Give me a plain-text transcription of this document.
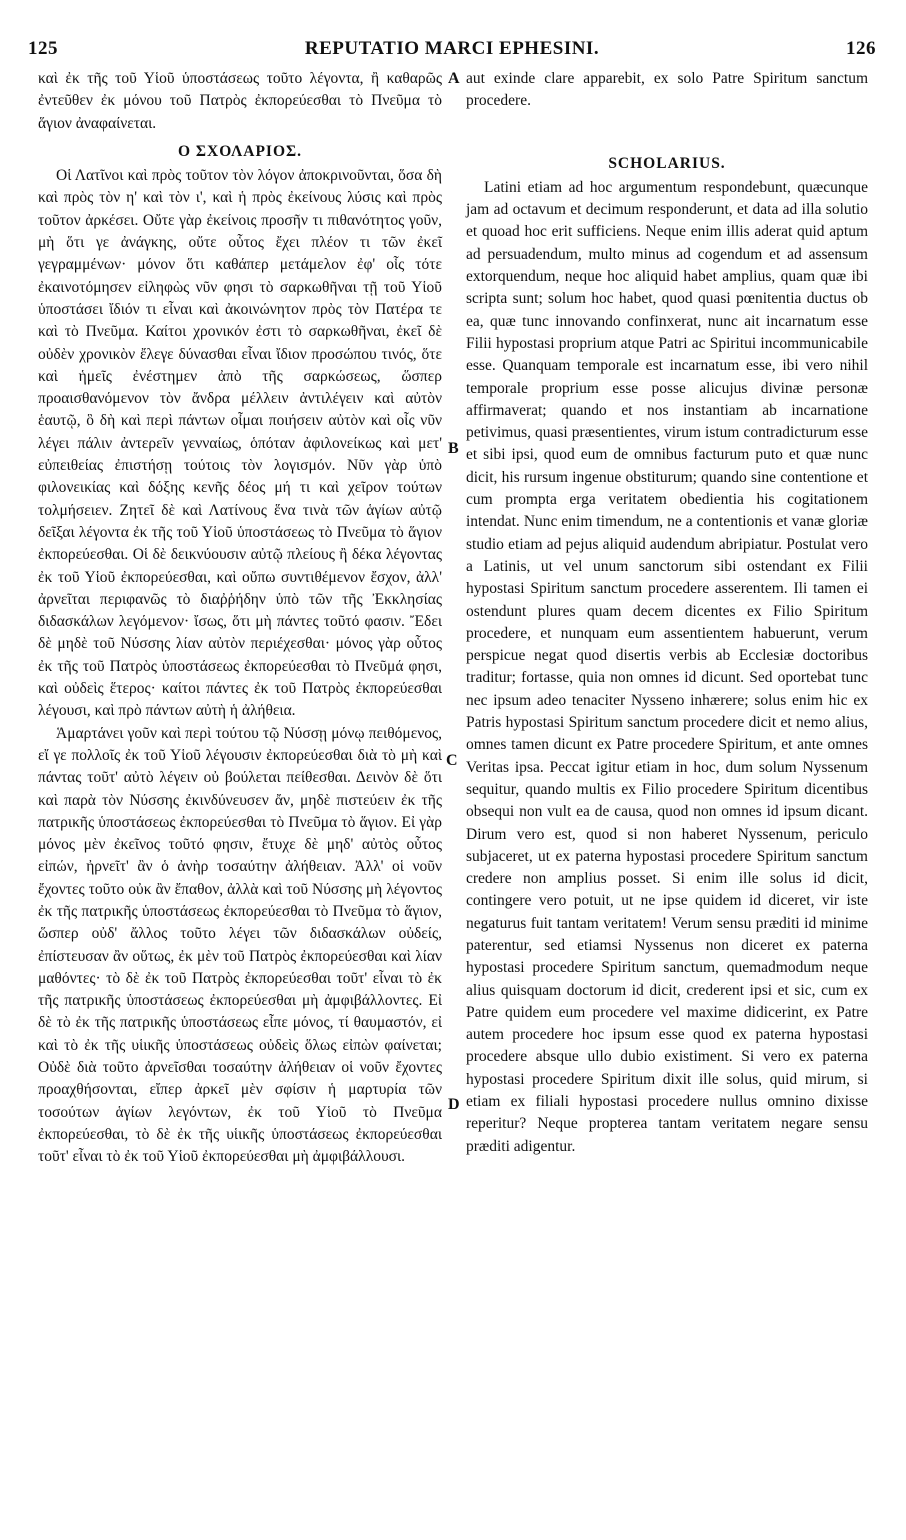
125	REPUTATIO MARCI EPHESINI.	126

καὶ ἐκ τῆς τοῦ Υἱοῦ ὑποστάσεως τοῦτο λέγοντα, ἢ καθαρῶς ἐντεῦθεν ἐκ μόνου τοῦ Πατρὸς ἐκπορεύεσθαι τὸ Πνεῦμα τὸ ἅγιον ἀναφαίνεται.

Ο ΣΧΟΛΑΡΙΟΣ.

Οἱ Λατῖνοι καὶ πρὸς τοῦτον τὸν λόγον ἀποκρινοῦνται, ὅσα δὴ καὶ πρὸς τὸν η' καὶ τὸν ι', καὶ ἡ πρὸς ἐκείνους λύσις καὶ πρὸς τοῦτον ἀρκέσει. Οὔτε γὰρ ἐκείνοις προσῆν τι πιθανότητος γοῦν, μὴ ὅτι γε ἀνάγκης, οὔτε οὗτος ἔχει πλέον τι τῶν ἐκεῖ γεγραμμένων· μόνον ὅτι καθάπερ μετάμελον ἐφ' οἷς τότε ἐκαινοτόμησεν εἰληφὼς νῦν φησι τὸ σαρκωθῆναι τῇ τοῦ Υἱοῦ ὑποστάσει ἴδιόν τι εἶναι καὶ ἀκοινώνητον πρὸς τὸν Πατέρα τε καὶ τὸ Πνεῦμα. Καίτοι χρονικόν ἐστι τὸ σαρκωθῆναι, ἐκεῖ δὲ οὐδὲν χρονικὸν ἔλεγε δύνασθαι εἶναι ἴδιον προσώπου τινός, ὅτε καὶ ἡμεῖς ἐνέστημεν ἀπὸ τῆς σαρκώσεως, ὥσπερ προαισθανόμενον τὸν ἄνδρα μέλλειν ἀντιλέγειν καὶ αὐτὸν ἑαυτῷ, ὃ δὴ καὶ περὶ πάντων οἶμαι ποιήσειν αὐτὸν καὶ οἷς νῦν λέγει πάλιν ἀντερεῖν γενναίως, ὁπόταν ἀφιλονείκως καὶ μετ' εὐπειθείας ἐπιστήσῃ τούτοις τὸν λογισμόν. Νῦν γὰρ ὑπὸ φιλονεικίας καὶ δόξης κενῆς δέος μή τι καὶ χεῖρον τούτων τολμήσειεν. Ζητεῖ δὲ καὶ Λατίνους ἕνα τινὰ τῶν ἁγίων αὐτῷ δεῖξαι λέγοντα ἐκ τῆς τοῦ Υἱοῦ ὑποστάσεως τὸ Πνεῦμα τὸ ἅγιον ἐκπορεύεσθαι. Οἱ δὲ δεικνύουσιν αὐτῷ πλείους ἢ δέκα λέγοντας ἐκ τοῦ Υἱοῦ ἐκπορεύεσθαι, καὶ οὔπω συντιθέμενον ἔσχον, ἀλλ' ἀρνεῖται περιφανῶς τὸ διαῤῥήδην ὑπὸ τῶν τῆς Ἐκκλησίας διδασκάλων λεγόμενον· ἴσως, ὅτι μὴ πάντες τοῦτό φασιν. Ἔδει δὲ μηδὲ τοῦ Νύσσης λίαν αὐτὸν περιέχεσθαι· μόνος γὰρ οὗτος ἐκ τῆς τοῦ Πατρὸς ὑποστάσεως ἐκπορεύεσθαι τὸ Πνεῦμά φησι, καὶ οὐδεὶς ἕτερος· καίτοι πάντες ἐκ τοῦ Πατρὸς ἐκπορεύεσθαι λέγουσι, καὶ πρὸ πάντων αὐτὴ ἡ ἀλήθεια.

Ἁμαρτάνει γοῦν καὶ περὶ τούτου τῷ Νύσσῃ μόνῳ πειθόμενος, εἴ γε πολλοῖς ἐκ τοῦ Υἱοῦ λέγουσιν ἐκπορεύεσθαι διὰ τὸ μὴ καὶ πάντας τοῦτ' αὐτὸ λέγειν οὐ βούλεται πείθεσθαι. Δεινὸν δὲ ὅτι καὶ παρὰ τὸν Νύσσης ἐκινδύνευσεν ἄν, μηδὲ πιστεύειν ἐκ τῆς πατρικῆς ὑποστάσεως ἐκπορεύεσθαι τὸ Πνεῦμα τὸ ἅγιον. Εἰ γὰρ μόνος μὲν ἐκεῖνος τοῦτό φησιν, ἔτυχε δὲ μηδ' αὐτὸς οὗτος εἰπών, ἠρνεῖτ' ἂν ὁ ἀνὴρ τοσαύτην ἀλήθειαν. Ἀλλ' οἱ νοῦν ἔχοντες τοῦτο οὐκ ἂν ἔπαθον, ἀλλὰ καὶ τοῦ Νύσσης μὴ λέγοντος ἐκ τῆς πατρικῆς ὑποστάσεως ἐκπορεύεσθαι τὸ Πνεῦμα τὸ ἅγιον, ὥσπερ οὐδ' ἄλλος τοῦτο λέγει τῶν διδασκάλων οὐδείς, ἐπίστευσαν ἂν οὕτως, ἐκ μὲν τοῦ Πατρὸς ἐκπορεύεσθαι καὶ λίαν μαθόντες· τὸ δὲ ἐκ τοῦ Πατρὸς ἐκπορεύεσθαι τοῦτ' εἶναι τὸ ἐκ τῆς πατρικῆς ὑποστάσεως ἐκπορεύεσθαι μὴ ἀμφιβάλλοντες. Εἰ δὲ τὸ ἐκ τῆς πατρικῆς ὑποστάσεως εἶπε μόνος, τί θαυμαστόν, εἰ καὶ τὸ ἐκ τῆς υἱικῆς ὑποστάσεως οὐδεὶς ὅλως εἰπὼν φαίνεται; Οὐδὲ διὰ τοῦτο ἀρνεῖσθαι τοσαύτην ἀλήθειαν οἱ νοῦν ἔχοντες προαχθήσονται, εἴπερ ἀρκεῖ μὲν σφίσιν ἡ μαρτυρία τῶν τοσούτων ἁγίων λεγόντων, ἐκ τοῦ Υἱοῦ τὸ Πνεῦμα ἐκπορεύεσθαι, τὸ δὲ ἐκ τῆς υἱικῆς ὑποστάσεως ἐκπορεύεσθαι τοῦτ' εἶναι τὸ ἐκ τοῦ Υἱοῦ ἐκπορεύεσθαι μὴ ἀμφιβάλλουσι.

aut exinde clare apparebit, ex solo Patre Spiritum sanctum procedere.

SCHOLARIUS.

Latini etiam ad hoc argumentum respondebunt, quæcunque jam ad octavum et decimum responderunt, et data ad illa solutio et quoad hoc erit sufficiens. Neque enim illis aderat quid aptum ad persuadendum, multo minus ad cogendum et ad assensum extorquendum, neque hoc aliquid habet amplius, quam quæ ibi scripta sunt; solum hoc habet, quod quasi pœnitentia ductus ob ea, quæ tunc innovando confinxerat, nunc ait incarnatum esse Filii hypostasi proprium atque Patri ac Spiritui incommunicabile esse. Quanquam temporale est incarnatum esse, ibi vero nihil temporale proprium esse posse alicujus divinæ personæ affirmaverat; quando et nos instantiam ab incarnatione petivimus, quasi præsentientes, virum istum contradicturum esse et sibi ipsi, quod eum de omnibus facturum puto et quæ nunc dicit, his rursum ingenue obstiturum; quando sine contentione et cum prompta erga veritatem obedientia his cogitationem intendat. Nunc enim timendum, ne a contentionis et vanæ gloriæ studio etiam ad pejus aliquid audendum abripiatur. Postulat vero a Latinis, ut vel unum sanctorum sibi ostendant ex Filii hypostasi Spiritum sanctum procedere asserentem. Ili tamen ei ostendunt plures quam decem dicentes ex Filio Spiritum procedere, et nunquam eum assentientem habuerunt, verum perspicue negat quod disertis verbis ab Ecclesiæ doctoribus traditur; fortasse, quia non omnes id dicunt. Sed oportebat tunc nec ipsum adeo tenaciter Nysseno inhærere; solus enim hic ex Patris hypostasi Spiritum sanctum procedere dicit et nemo alius, omnes tamen dicunt ex Patre procedere Spiritum, et ante omnes Veritas ipsa. Peccat igitur etiam in hoc, dum solum Nyssenum sequitur, quando multis ex Filio procedere Spiritum dicentibus obsequi non vult ea de causa, quod non omnes id ipsum dicant. Dirum vero est, quod si non haberet Nyssenum, periculo subjaceret, ut ex paterna hypostasi procedere Spiritum sanctum credere non amplius posset. Si enim ille solus id dicit, contingere vero potuit, ut ne ipse quidem id diceret, vir iste negaturus fuit tantam veritatem! Verum sensu præditi id minime paterentur, sed etiamsi Nyssenus non diceret ex paterna hypostasi procedere Spiritum sanctum, quemadmodum neque alius quisquam doctorum id dicit, crederent ipsi et sic, cum ex Patre quidem eum procedere vel maxime didicerint, ex Patre autem procedere hoc ipsum esse quod ex paterna hypostasi procedere absque ullo dubio existiment. Si vero ex paterna hypostasi procedere Spiritum dixit ille solus, quid mirum, si etiam ex filiali hypostasi procedere nullus omnino dixisse reperitur? Neque propterea tantam veritatem negare sensu præditi adigentur.

A
B
C
D
